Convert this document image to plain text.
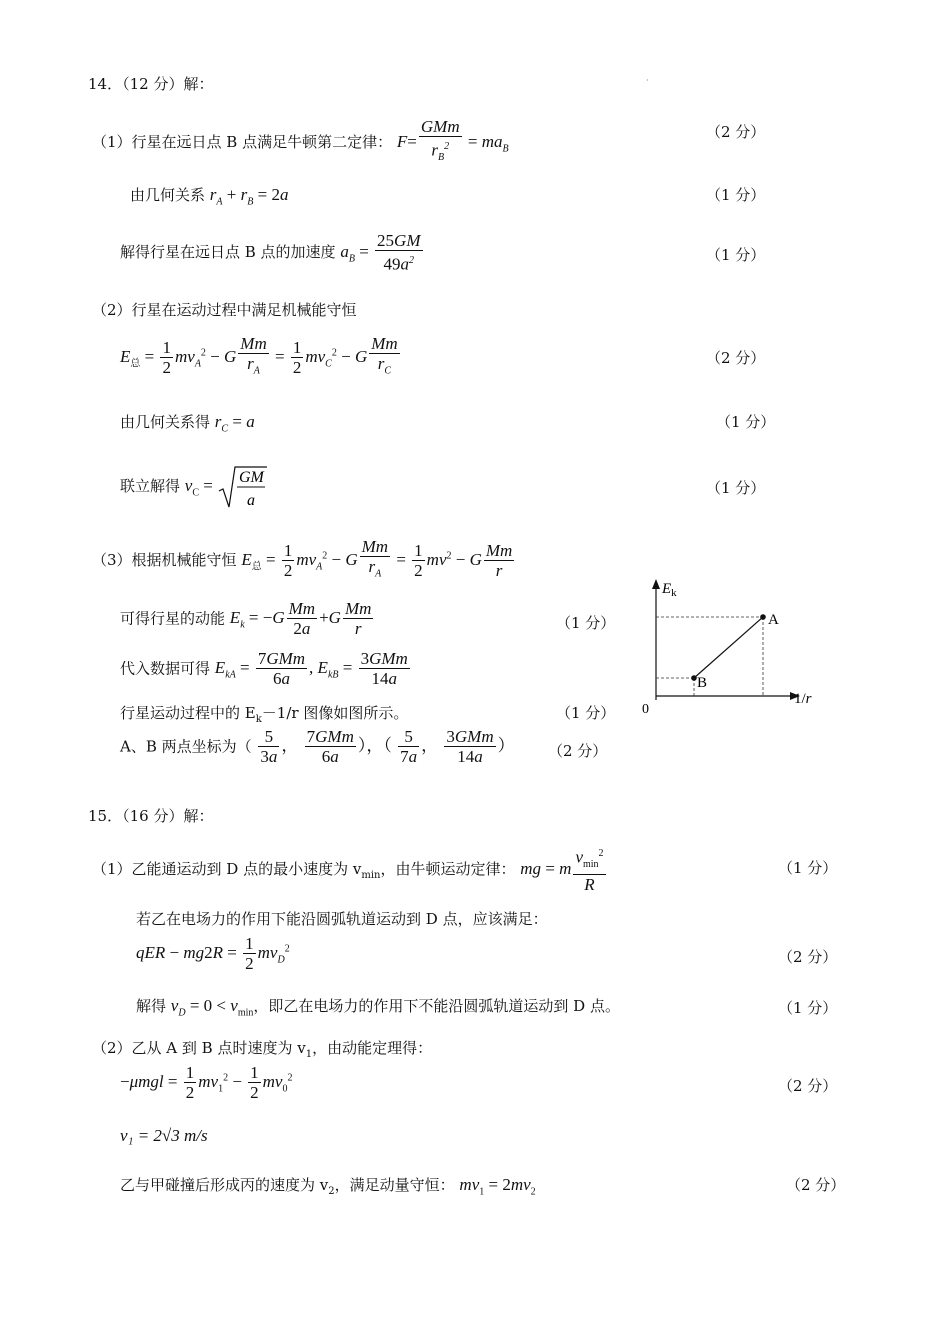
·
14．（12 分）解：
（1）行星在远日点 B 点满足牛顿第二定律： $F= \frac{\text{GMm}}{r_B^2} = ma_B$
（2 分）
由几何关系 $r_A + r_B = 2a$	（1 分）
解得行星在远日点 B 点的加速度 $a_B = \frac{25GM}{49a^2}$	（1 分）
（2）行星在运动过程中满足机械能守恒
$E_总 = \frac{1}{2} mv_A^2 - G \frac{Mm}{r_A} = \frac{1}{2} mv_C^2 - G \frac{Mm}{r_C}$	（2 分）
由几何关系得 $r_C = a$	（1 分）
联立解得 $v_C$ = GM
a
（1 分）
（3）根据机械能守恒 $E_总 = \frac{1}{2} mv_A^2 - G \frac{Mm}{r_A} = \frac{1}{2} mv^2 - G \frac{Mm}{r}$
可得行星的动能 $E_k = -G \frac{Mm}{2a} +G \frac{Mm}{r}$	（1 分）
代入数据可得 $E_{kA} = \frac{\text{7GMm}}{6a}$ , $E_{kB} = \frac{\text{3GMm}}{14a}$
行星运动过程中的 $E_k-1/r$ 图像如图所示。	（1 分）
A、B 两点坐标为（ $\frac{5}{3a}$ ， $\frac{\text{7GMm}}{6a}$ ），（ $\frac{5}{7a}$ ， $\frac{\text{3GMm}}{14a}$ ） （2 分）
$E_k$
1/r
0
A
B
15．（16 分）解：
（1）乙能通运动到 D 点的最小速度为 $v_{min}$，由牛顿运动定律： mg = m $\frac{v_{min}^2}{R}$	（1 分）
若乙在电场力的作用下能沿圆弧轨道运动到 D 点，应该满足：
qER − $mg2R = \frac{1}{2} mv_D^2$	（2 分）
解得 $v_D = 0 < v_{min}$，即乙在电场力的作用下不能沿圆弧轨道运动到 D 点。	（1 分）
（2）乙从 A 到 B 点时速度为 $v_1$，由动能定理得：
$-\mu mgl = \frac{1}{2} mv_1^2 - \frac{1}{2} mv_0^2$	（2 分）
v₁ = 2√3 m/s
乙与甲碰撞后形成丙的速度为 $v_2$，满足动量守恒： $mv_1 = 2mv_2$	（2 分）
